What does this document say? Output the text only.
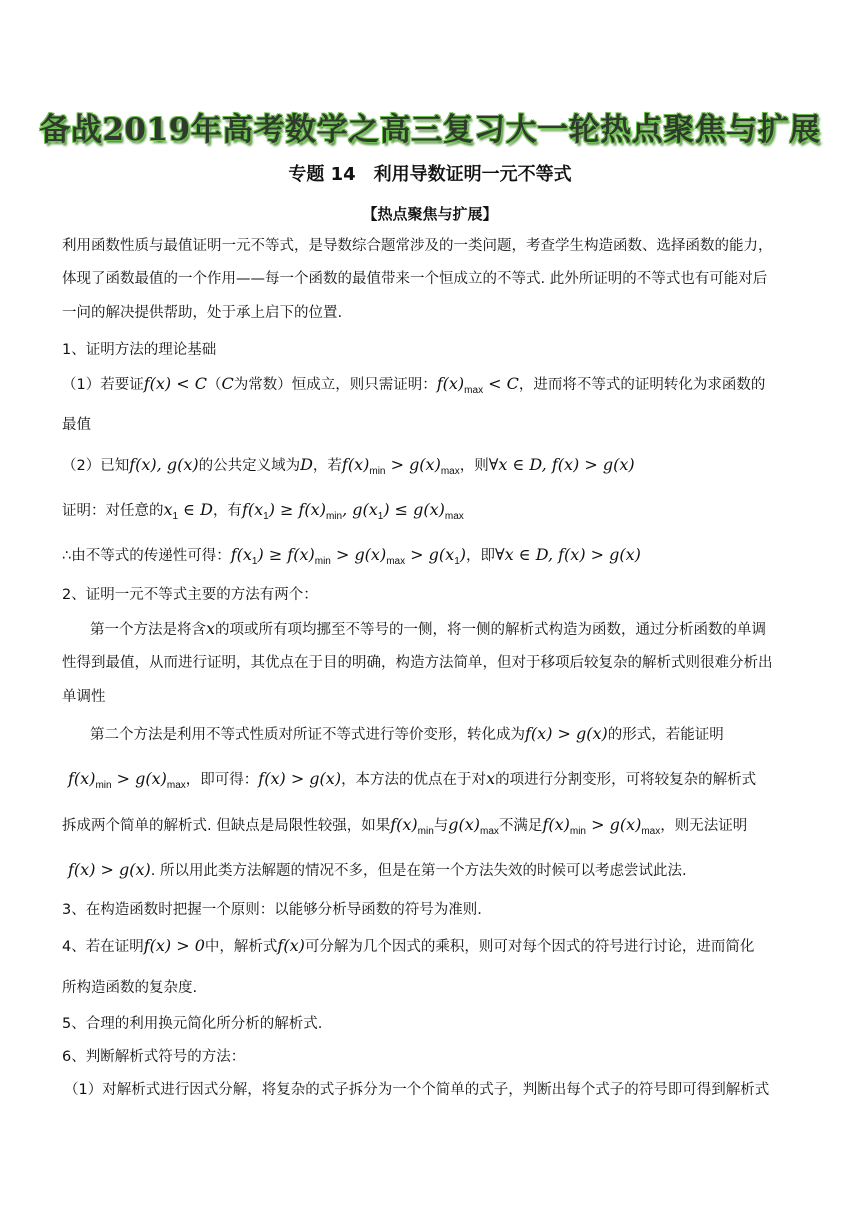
备战2019年高考数学之高三复习大一轮热点聚焦与扩展
专题 14 利用导数证明一元不等式
【热点聚焦与扩展】
利用函数性质与最值证明一元不等式，是导数综合题常涉及的一类问题，考查学生构造函数、选择函数的能力，
体现了函数最值的一个作用——每一个函数的最值带来一个恒成立的不等式. 此外所证明的不等式也有可能对后
一问的解决提供帮助，处于承上启下的位置.
1、证明方法的理论基础
（1）若要证f(x) < C（C为常数）恒成立，则只需证明：$f(x)_{max} < C$，进而将不等式的证明转化为求函数的
最值
（2）已知f(x), g(x)的公共定义域为D，若$f(x)_{min} > g(x)_{max}$，则∀x ∈ D, f(x) > g(x)
证明：对任意的$x_1$ ∈ D，有$f(x_1) \ge f(x)_{min}$, $g(x_1) \le g(x)_{max}$
∴由不等式的传递性可得：$f(x_1) \ge f(x)_{min} > g(x)_{max} > g(x_1)$，即∀x ∈ D, f(x) > g(x)
2、证明一元不等式主要的方法有两个：
第一个方法是将含x的项或所有项均挪至不等号的一侧，将一侧的解析式构造为函数，通过分析函数的单调
性得到最值，从而进行证明，其优点在于目的明确，构造方法简单，但对于移项后较复杂的解析式则很难分析出
单调性
第二个方法是利用不等式性质对所证不等式进行等价变形，转化成为f(x) > g(x)的形式，若能证明
$f(x)_{min} > g(x)_{max}$，即可得：f(x) > g(x)，本方法的优点在于对x的项进行分割变形，可将较复杂的解析式
拆成两个简单的解析式. 但缺点是局限性较强，如果$f(x)_{min}$与$g(x)_{max}$不满足$f(x)_{min} > g(x)_{max}$，则无法证明
f(x) > g(x). 所以用此类方法解题的情况不多，但是在第一个方法失效的时候可以考虑尝试此法.
3、在构造函数时把握一个原则：以能够分析导函数的符号为准则.
4、若在证明f(x) > 0中，解析式f(x)可分解为几个因式的乘积，则可对每个因式的符号进行讨论，进而简化
所构造函数的复杂度.
5、合理的利用换元简化所分析的解析式.
6、判断解析式符号的方法：
（1）对解析式进行因式分解，将复杂的式子拆分为一个个简单的式子，判断出每个式子的符号即可得到解析式
